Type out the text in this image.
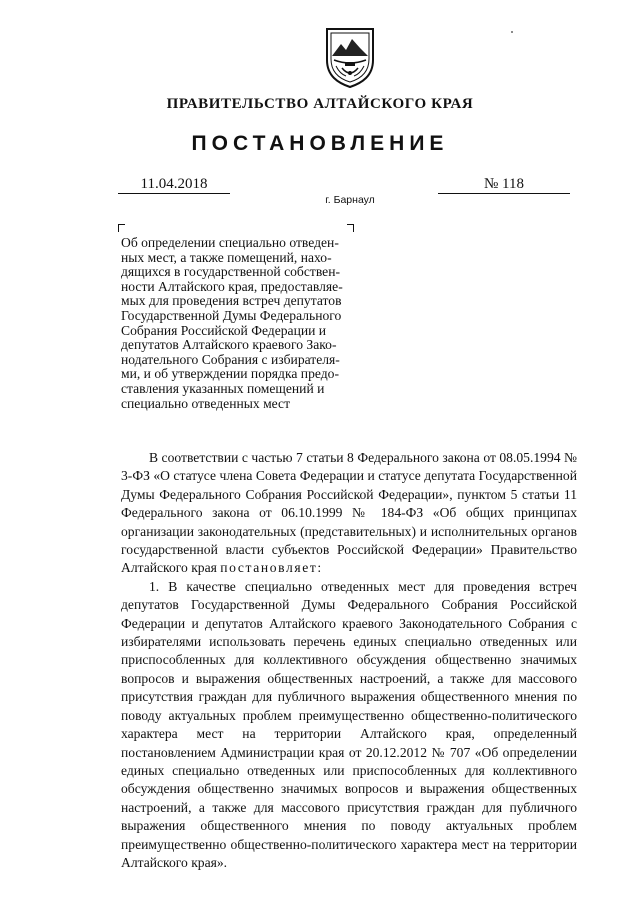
ПРАВИТЕЛЬСТВО АЛТАЙСКОГО КРАЯ
ПОСТАНОВЛЕНИЕ
11.04.2018	№ 118
г. Барнаул
Об определении специально отведен-
ных мест, а также помещений, нахо-
дящихся в государственной собствен-
ности Алтайского края, предоставляе-
мых для проведения встреч депутатов
Государственной Думы Федерального
Собрания Российской Федерации и
депутатов Алтайского краевого Зако-
нодательного Собрания с избирателя-
ми, и об утверждении порядка предо-
ставления указанных помещений и
специально отведенных мест

В соответствии с частью 7 статьи 8 Федерального закона от 08.05.1994 № 3-ФЗ «О статусе члена Совета Федерации и статусе депутата Государственной Думы Федерального Собрания Российской Федерации», пунктом 5 статьи 11 Федерального закона от 06.10.1999 № 184-ФЗ «Об общих принципах организации законодательных (представительных) и исполнительных органов государственной власти субъектов Российской Федерации» Правительство Алтайского края постановляет:

1. В качестве специально отведенных мест для проведения встреч депутатов Государственной Думы Федерального Собрания Российской Федерации и депутатов Алтайского краевого Законодательного Собрания с избирателями использовать перечень единых специально отведенных или приспособленных для коллективного обсуждения общественно значимых вопросов и выражения общественных настроений, а также для массового присутствия граждан для публичного выражения общественного мнения по поводу актуальных проблем преимущественно общественно-политического характера мест на территории Алтайского края, определенный постановлением Администрации края от 20.12.2012 № 707 «Об определении единых специально отведенных или приспособленных для коллективного обсуждения общественно значимых вопросов и выражения общественных настроений, а также для массового присутствия граждан для публичного выражения общественного мнения по поводу актуальных проблем преимущественно общественно-политического характера мест на территории Алтайского края».
